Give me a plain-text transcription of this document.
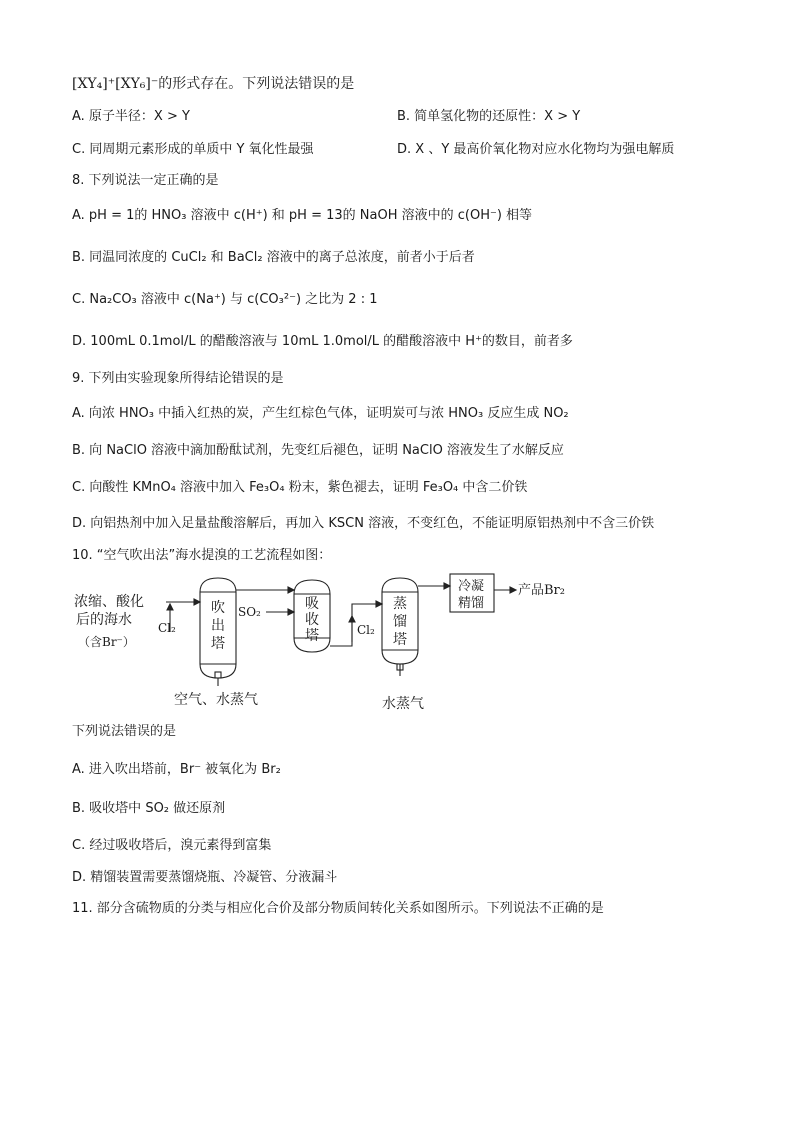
[XY₄]⁺[XY₆]⁻的形式存在。下列说法错误的是
A. 原子半径：X > Y	B. 简单氢化物的还原性：X > Y
C. 同周期元素形成的单质中 Y 氧化性最强	D. X 、Y 最高价氧化物对应水化物均为强电解质
8. 下列说法一定正确的是
A. pH = 1的 HNO₃ 溶液中 c(H⁺) 和 pH = 13的 NaOH 溶液中的 c(OH⁻) 相等
B. 同温同浓度的 CuCl₂ 和 BaCl₂ 溶液中的离子总浓度，前者小于后者
C. Na₂CO₃ 溶液中 c(Na⁺) 与 c(CO₃²⁻) 之比为 2 : 1
D. 100mL 0.1mol/L 的醋酸溶液与 10mL 1.0mol/L 的醋酸溶液中 H⁺的数目，前者多
9. 下列由实验现象所得结论错误的是
A. 向浓 HNO₃ 中插入红热的炭，产生红棕色气体，证明炭可与浓 HNO₃ 反应生成 NO₂
B. 向 NaClO 溶液中滴加酚酞试剂，先变红后褪色，证明 NaClO 溶液发生了水解反应
C. 向酸性 KMnO₄ 溶液中加入 Fe₃O₄ 粉末，紫色褪去，证明 Fe₃O₄ 中含二价铁
D. 向铝热剂中加入足量盐酸溶解后，再加入 KSCN 溶液，不变红色，不能证明原铝热剂中不含三价铁
10. “空气吹出法”海水提溴的工艺流程如图：
浓缩、酸化
后的海水
（含Br⁻）
Cl₂
吹
出
塔
SO₂	吸
收
塔	Cl₂
蒸
馏
塔
冷凝
精馏
产品Br₂
空气、水蒸气	水蒸气
下列说法错误的是
A. 进入吹出塔前，Br⁻ 被氧化为 Br₂
B. 吸收塔中 SO₂ 做还原剂
C. 经过吸收塔后，溴元素得到富集
D. 精馏装置需要蒸馏烧瓶、冷凝管、分液漏斗
11. 部分含硫物质的分类与相应化合价及部分物质间转化关系如图所示。下列说法不正确的是
